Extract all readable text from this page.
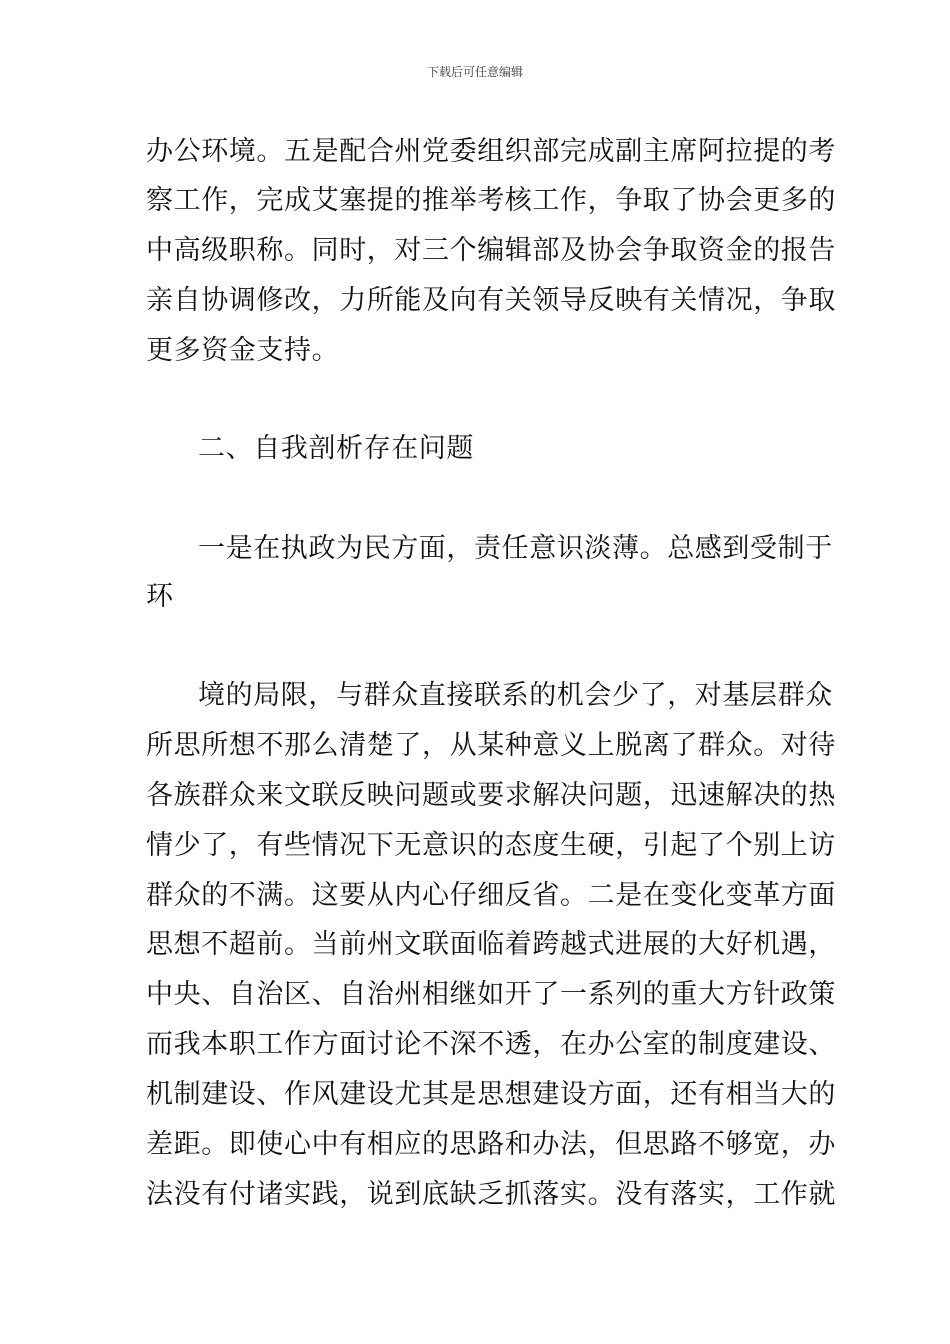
下载后可任意编辑
办公环境。五是配合州党委组织部完成副主席阿拉提的考
察工作，完成艾塞提的推举考核工作，争取了协会更多的
中高级职称。同时，对三个编辑部及协会争取资金的报告
亲自协调修改，力所能及向有关领导反映有关情况，争取
更多资金支持。
二、自我剖析存在问题
一是在执政为民方面，责任意识淡薄。总感到受制于
环
境的局限，与群众直接联系的机会少了，对基层群众
所思所想不那么清楚了，从某种意义上脱离了群众。对待
各族群众来文联反映问题或要求解决问题，迅速解决的热
情少了，有些情况下无意识的态度生硬，引起了个别上访
群众的不满。这要从内心仔细反省。二是在变化变革方面
思想不超前。当前州文联面临着跨越式进展的大好机遇，
中央、自治区、自治州相继如开了一系列的重大方针政策
而我本职工作方面讨论不深不透，在办公室的制度建设、
机制建设、作风建设尤其是思想建设方面，还有相当大的
差距。即使心中有相应的思路和办法，但思路不够宽，办
法没有付诸实践，说到底缺乏抓落实。没有落实，工作就
